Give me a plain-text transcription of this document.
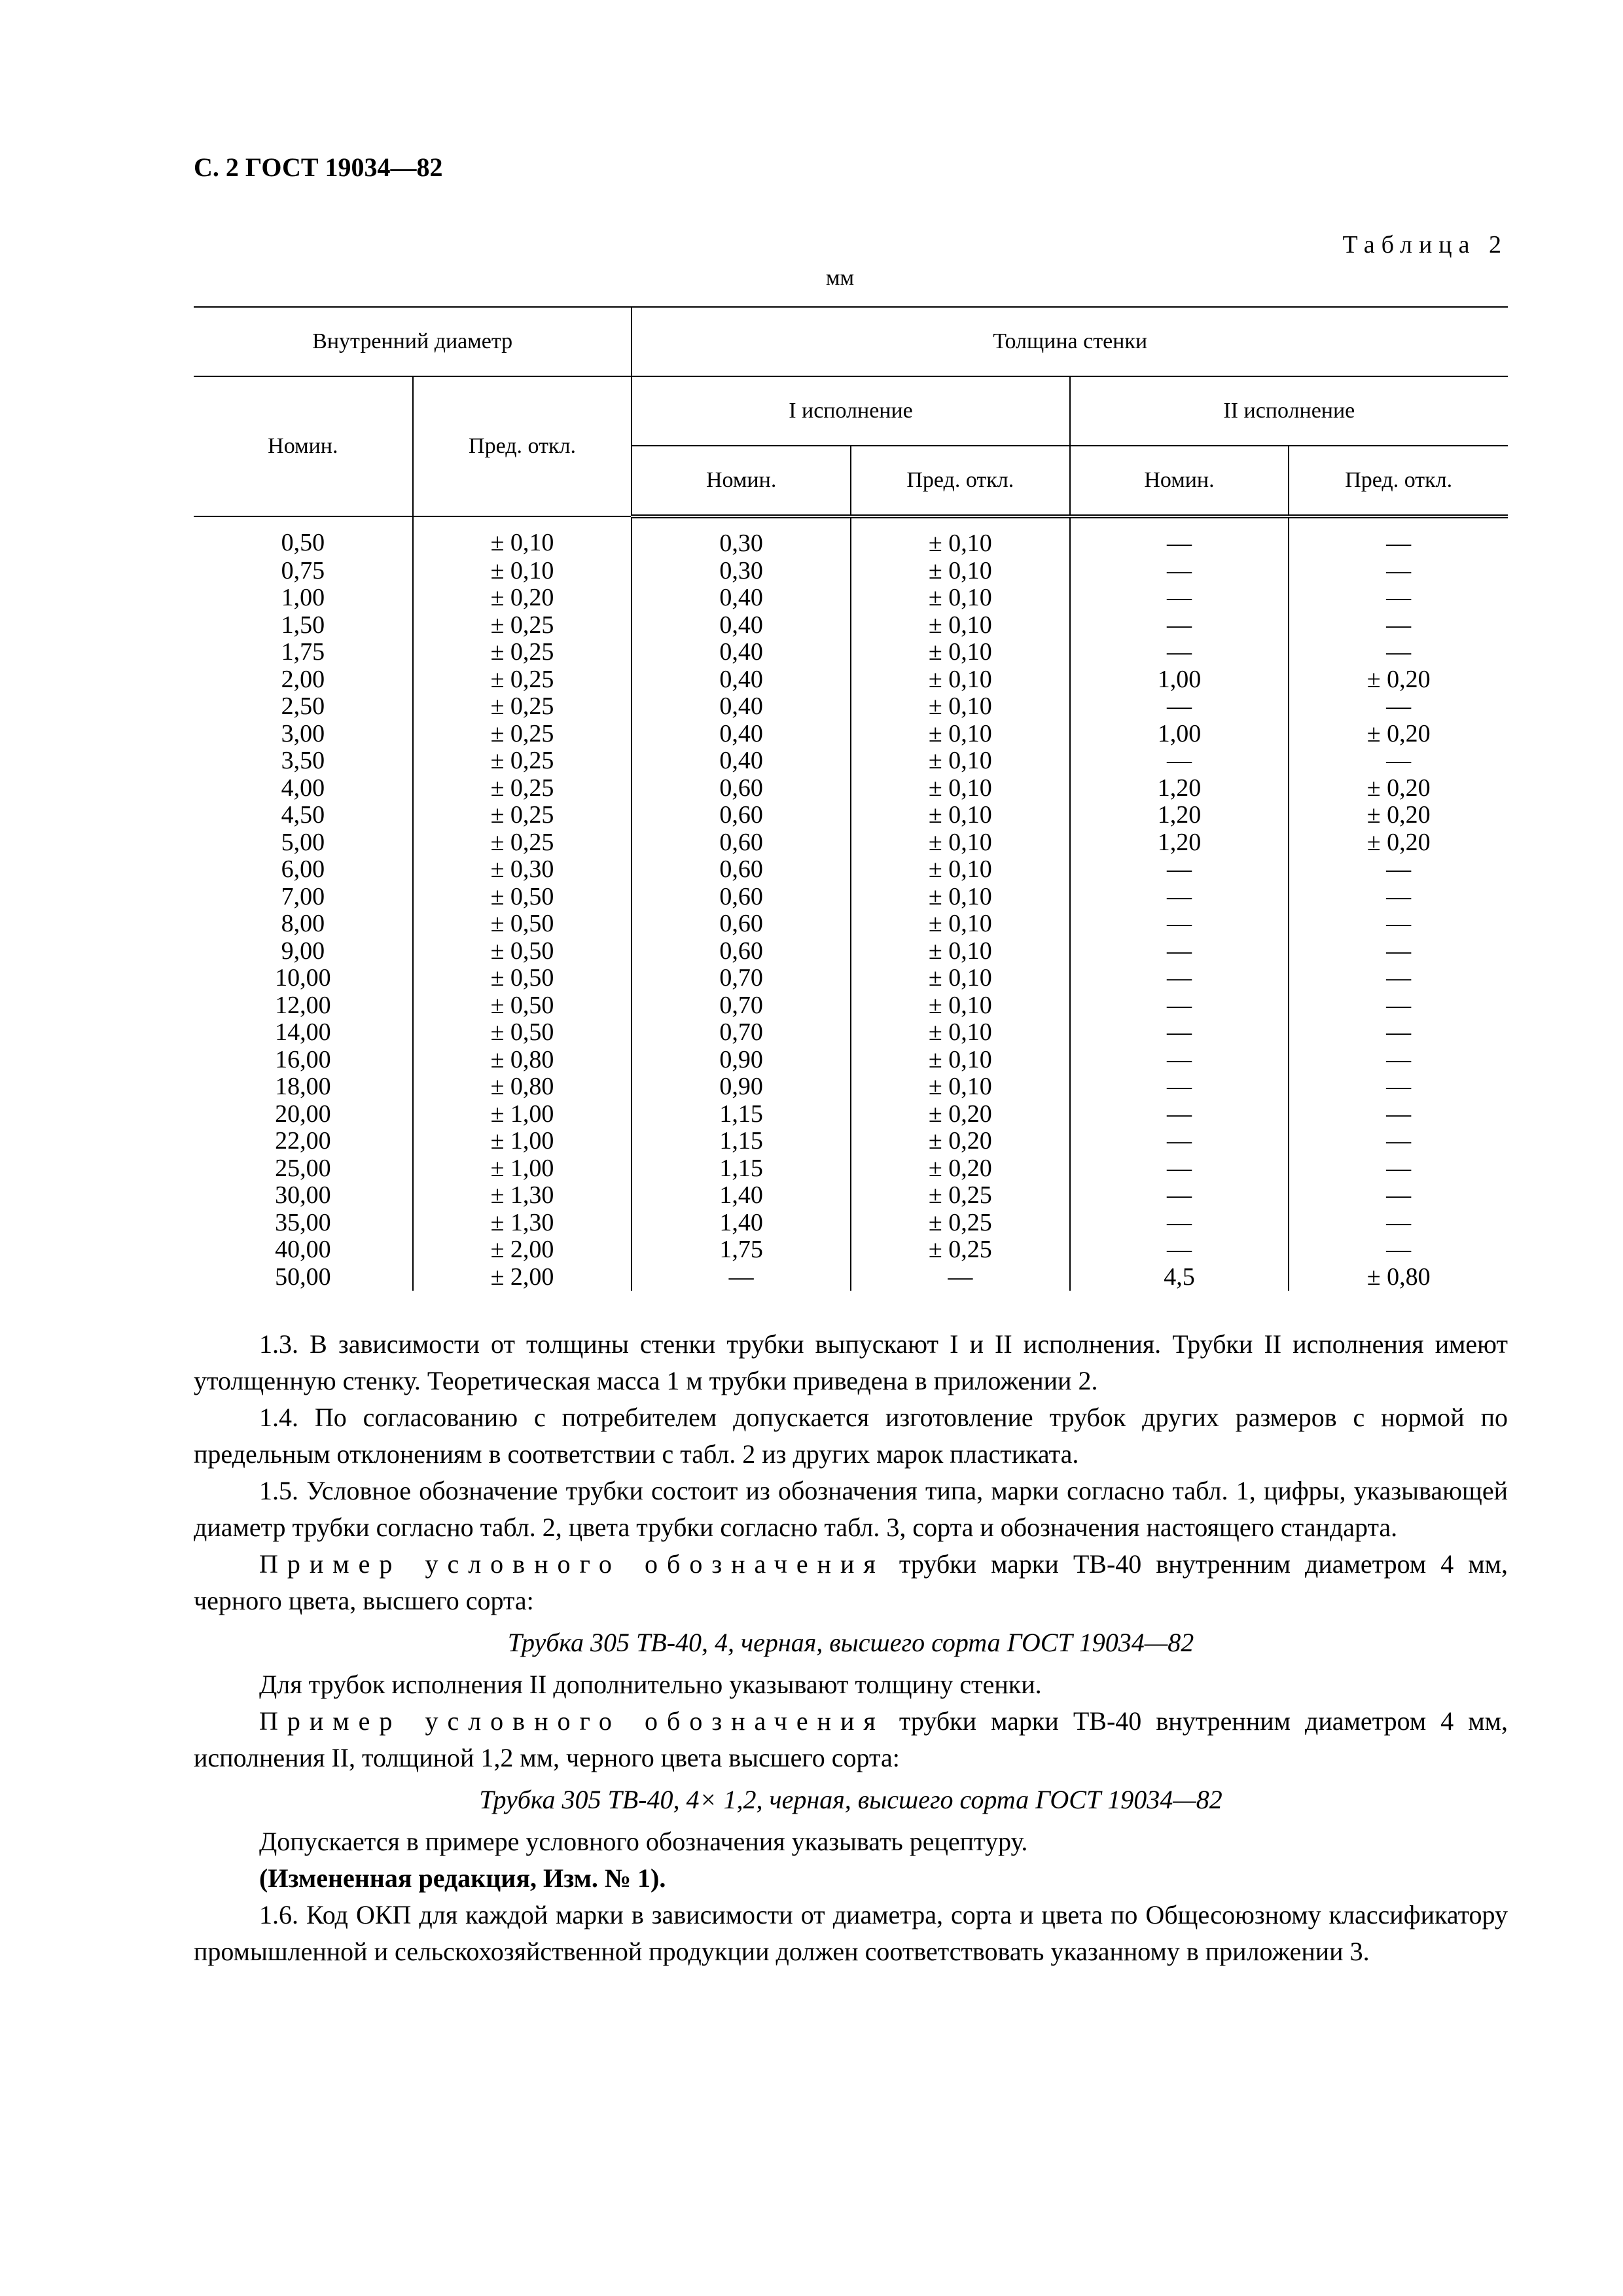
С. 2 ГОСТ 19034—82
Таблица 2
мм
Внутренний диаметр		Толщина стенки			
Номин.	Пред. откл.	I исполнение		II исполнение	
		Номин.	Пред. откл.	Номин.	Пред. откл.
0,50	± 0,10	0,30	± 0,10	—	—
0,75	± 0,10	0,30	± 0,10	—	—
1,00	± 0,20	0,40	± 0,10	—	—
1,50	± 0,25	0,40	± 0,10	—	—
1,75	± 0,25	0,40	± 0,10	—	—
2,00	± 0,25	0,40	± 0,10	1,00	± 0,20
2,50	± 0,25	0,40	± 0,10	—	—
3,00	± 0,25	0,40	± 0,10	1,00	± 0,20
3,50	± 0,25	0,40	± 0,10	—	—
4,00	± 0,25	0,60	± 0,10	1,20	± 0,20
4,50	± 0,25	0,60	± 0,10	1,20	± 0,20
5,00	± 0,25	0,60	± 0,10	1,20	± 0,20
6,00	± 0,30	0,60	± 0,10	—	—
7,00	± 0,50	0,60	± 0,10	—	—
8,00	± 0,50	0,60	± 0,10	—	—
9,00	± 0,50	0,60	± 0,10	—	—
10,00	± 0,50	0,70	± 0,10	—	—
12,00	± 0,50	0,70	± 0,10	—	—
14,00	± 0,50	0,70	± 0,10	—	—
16,00	± 0,80	0,90	± 0,10	—	—
18,00	± 0,80	0,90	± 0,10	—	—
20,00	± 1,00	1,15	± 0,20	—	—
22,00	± 1,00	1,15	± 0,20	—	—
25,00	± 1,00	1,15	± 0,20	—	—
30,00	± 1,30	1,40	± 0,25	—	—
35,00	± 1,30	1,40	± 0,25	—	—
40,00	± 2,00	1,75	± 0,25	—	—
50,00	± 2,00	—	—	4,5	± 0,80

1.3. В зависимости от толщины стенки трубки выпускают I и II исполнения. Трубки II исполнения имеют утолщенную стенку. Теоретическая масса 1 м трубки приведена в приложении 2.

1.4. По согласованию с потребителем допускается изготовление трубок других размеров с нормой по предельным отклонениям в соответствии с табл. 2 из других марок пластиката.

1.5. Условное обозначение трубки состоит из обозначения типа, марки согласно табл. 1, цифры, указывающей диаметр трубки согласно табл. 2, цвета трубки согласно табл. 3, сорта и обозначения настоящего стандарта.

Пример условного обозначения трубки марки ТВ-40 внутренним диаметром 4 мм, черного цвета, высшего сорта:

Трубка 305 ТВ-40, 4, черная, высшего сорта ГОСТ 19034—82

Для трубок исполнения II дополнительно указывают толщину стенки.

Пример условного обозначения трубки марки ТВ-40 внутренним диаметром 4 мм, исполнения II, толщиной 1,2 мм, черного цвета высшего сорта:

Трубка 305 ТВ-40, 4× 1,2, черная, высшего сорта ГОСТ 19034—82

Допускается в примере условного обозначения указывать рецептуру.

(Измененная редакция, Изм. № 1).

1.6. Код ОКП для каждой марки в зависимости от диаметра, сорта и цвета по Общесоюзному классификатору промышленной и сельскохозяйственной продукции должен соответствовать указанному в приложении 3.
